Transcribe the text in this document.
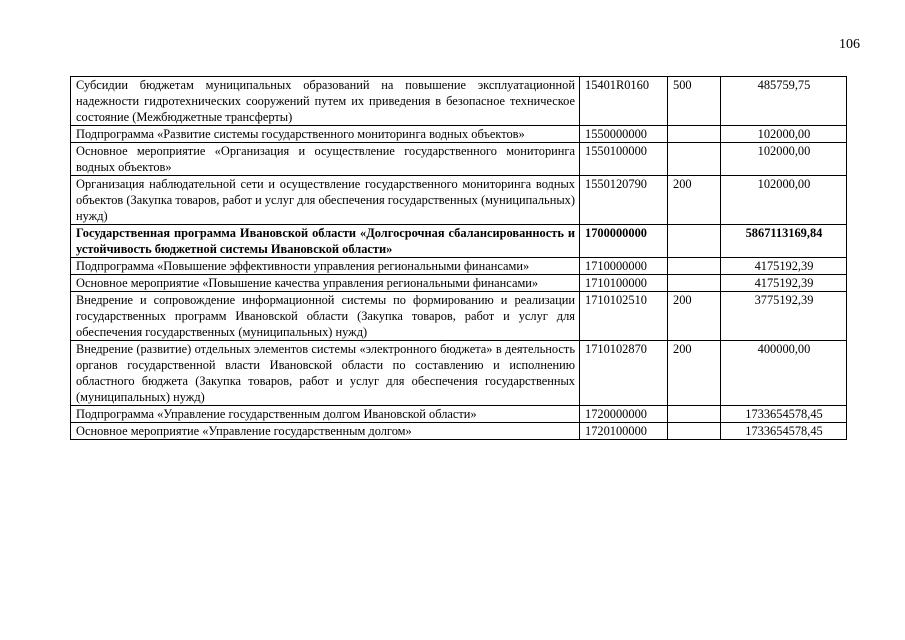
106
Субсидии бюджетам муниципальных образований на повышение эксплуатационной надежности гидротехнических сооружений путем их приведения в безопасное техническое состояние (Межбюджетные трансферты)	15401R0160	500	485759,75
Подпрограмма «Развитие системы государственного мониторинга водных объектов»	1550000000		102000,00
Основное мероприятие «Организация и осуществление государственного мониторинга водных объектов»	1550100000		102000,00
Организация наблюдательной сети и осуществление государственного мониторинга водных объектов (Закупка товаров, работ и услуг для обеспечения государственных (муниципальных) нужд)	1550120790	200	102000,00
Государственная программа Ивановской области «Долгосрочная сбалансированность и устойчивость бюджетной системы Ивановской области»	1700000000		5867113169,84
Подпрограмма «Повышение эффективности управления региональными финансами»	1710000000		4175192,39
Основное мероприятие «Повышение качества управления региональными финансами»	1710100000		4175192,39
Внедрение и сопровождение информационной системы по формированию и реализации государственных программ Ивановской области (Закупка товаров, работ и услуг для обеспечения государственных (муниципальных) нужд)	1710102510	200	3775192,39
Внедрение (развитие) отдельных элементов системы «электронного бюджета» в деятельность органов государственной власти Ивановской области по составлению и исполнению областного бюджета (Закупка товаров, работ и услуг для обеспечения государственных (муниципальных) нужд)	1710102870	200	400000,00
Подпрограмма «Управление государственным долгом Ивановской области»	1720000000		1733654578,45
Основное мероприятие «Управление государственным долгом»	1720100000		1733654578,45
